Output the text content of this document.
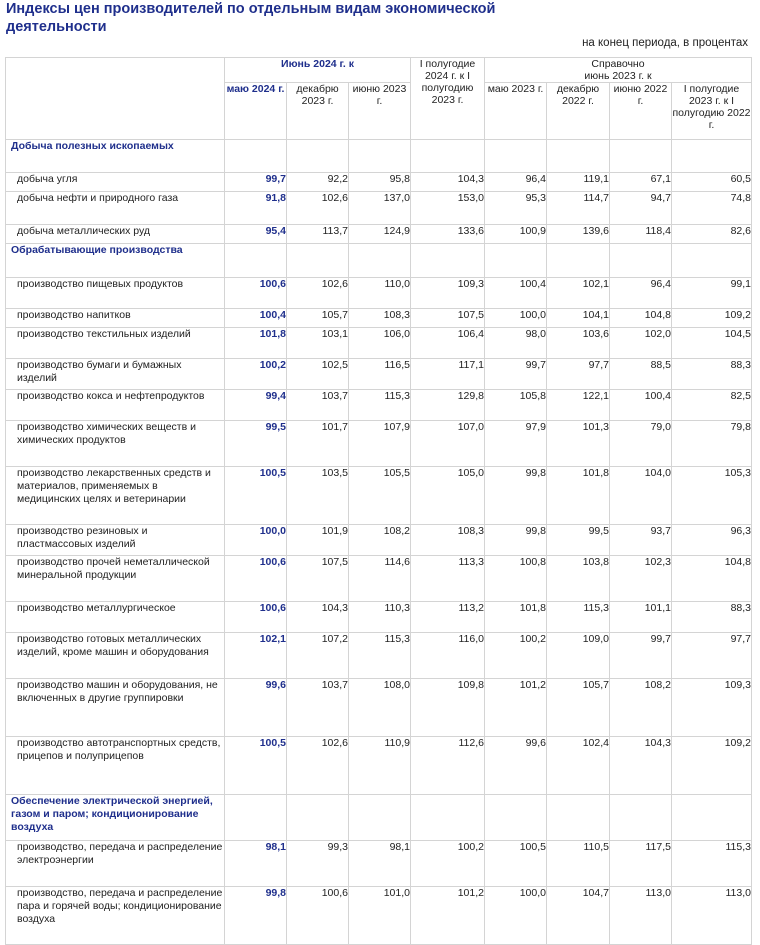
Индексы цен производителей по отдельным видам экономической деятельности
на конец периода, в процентах
	Июнь 2024 г. к			I полугодие 2024 г. к I полугодию 2023 г.	Справочно
июнь 2023 г. к			

	маю 2024 г.	декабрю 2023 г.	июню 2023 г.		маю 2023 г.	декабрю 2022 г.	июню 2022 г.	I полугодие 2023 г. к I полугодию 2022 г.
Добыча полезных ископаемых								
добыча угля	99,7	92,2	95,8	104,3	96,4	119,1	67,1	60,5
добыча нефти и природного газа	91,8	102,6	137,0	153,0	95,3	114,7	94,7	74,8
добыча металлических руд	95,4	113,7	124,9	133,6	100,9	139,6	118,4	82,6
Обрабатывающие производства								
производство пищевых продуктов	100,6	102,6	110,0	109,3	100,4	102,1	96,4	99,1
производство напитков	100,4	105,7	108,3	107,5	100,0	104,1	104,8	109,2
производство текстильных изделий	101,8	103,1	106,0	106,4	98,0	103,6	102,0	104,5
производство бумаги и бумажных изделий	100,2	102,5	116,5	117,1	99,7	97,7	88,5	88,3
производство кокса и нефтепродуктов	99,4	103,7	115,3	129,8	105,8	122,1	100,4	82,5
производство химических веществ и химических продуктов	99,5	101,7	107,9	107,0	97,9	101,3	79,0	79,8
производство лекарственных средств и материалов, применяемых в медицинских целях и ветеринарии	100,5	103,5	105,5	105,0	99,8	101,8	104,0	105,3
производство резиновых и пластмассовых изделий	100,0	101,9	108,2	108,3	99,8	99,5	93,7	96,3
производство прочей неметаллической минеральной продукции	100,6	107,5	114,6	113,3	100,8	103,8	102,3	104,8
производство металлургическое	100,6	104,3	110,3	113,2	101,8	115,3	101,1	88,3
производство готовых металлических изделий, кроме машин и оборудования	102,1	107,2	115,3	116,0	100,2	109,0	99,7	97,7
производство машин и оборудования, не включенных в другие группировки	99,6	103,7	108,0	109,8	101,2	105,7	108,2	109,3
производство автотранспортных средств, прицепов и полуприцепов	100,5	102,6	110,9	112,6	99,6	102,4	104,3	109,2
Обеспечение электрической энергией, газом и паром; кондиционирование воздуха								
производство, передача и распределение электроэнергии	98,1	99,3	98,1	100,2	100,5	110,5	117,5	115,3
производство, передача и распределение пара и горячей воды; кондиционирование воздуха	99,8	100,6	101,0	101,2	100,0	104,7	113,0	113,0
